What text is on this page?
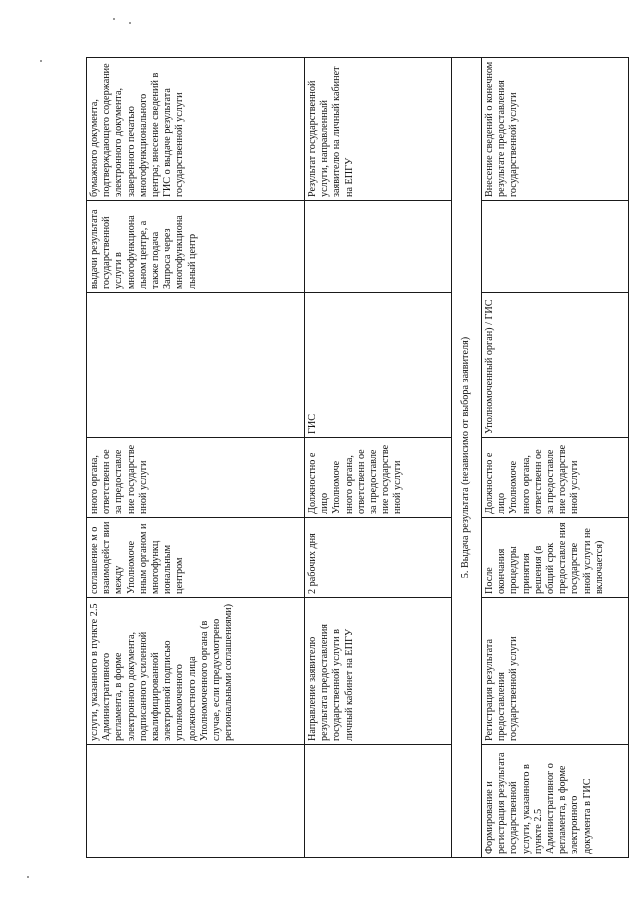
	услуги, указанного в пункте 2.5 Административного регламента, в форме электронного документа, подписанного усиленной квалифицированной электронной подписью уполномоченного должностного лица Уполномоченного органа (в случае, если предусмотрено региональными соглашениями)	соглашение м о взаимодейст вии между Уполномоче нным органом и многофункц иональным центром	нного органа, ответственн ое за предоставле ние государстве нной услуги		выдачи результата государственной услуги в многофункциона льном центре, а также подача Запроса через многофункциона льный центр	бумажного документа, подтверждающего содержание электронного документа, заверенного печатью многофункционального центра; внесение сведений в ГИС о выдаче результата государственной услуги
	Направление заявителю результата предоставления государственной услуги в личный кабинет на ЕПГУ	2 рабочих дня	Должностно е лицо Уполномоче нного органа, ответственн ое за предоставле ние государстве нной услуги	ГИС		Результат государственной услуги, направленный заявителю на личный кабинет на ЕПГУ
5. Выдача результата (независимо от выбора заявителя)						
Формирование и регистрация результата государственной услуги, указанного в пункте 2.5 Административног о регламента, в форме электронного документа в ГИС	Регистрация результата предоставления государственной услуги	После окончания процедуры принятия решения (в общий срок предоставле ния государстве нной услуги не включается)	Должностно е лицо Уполномоче нного органа, ответственн ое за предоставле ние государстве нной услуги	Уполномоченный орган) / ГИС		Внесение сведений о конечном результате предоставления государственной услуги
